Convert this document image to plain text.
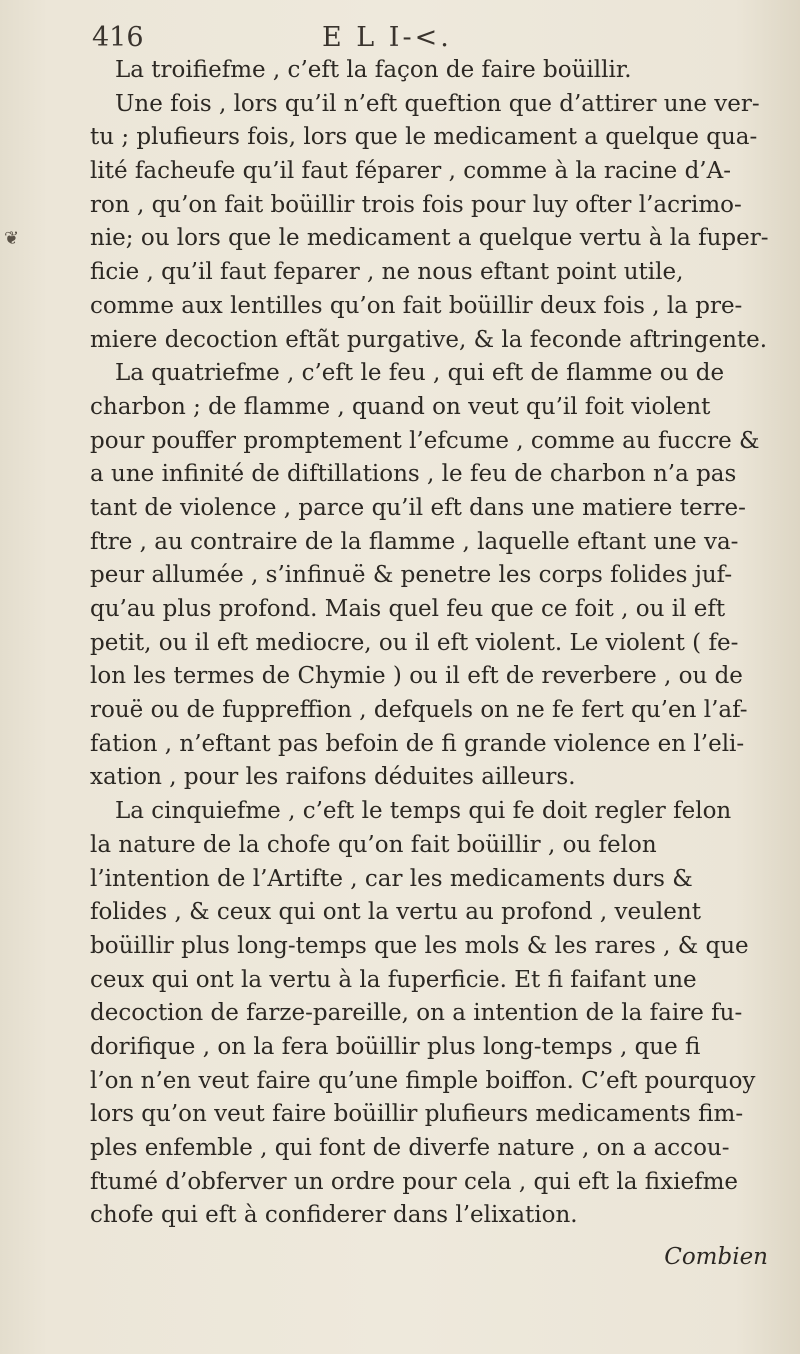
416	E L I-<.
❦
La troifiefme , c’eft la façon de faire boüillir.
Une fois , lors qu’il n’eft queftion que d’attirer une ver-
tu ; plufieurs fois, lors que le medicament a quelque qua-
lité facheufe qu’il faut féparer , comme à la racine d’A-
ron , qu’on fait boüillir trois fois pour luy ofter l’acrimo-
nie; ou lors que le medicament a quelque vertu à la fuper-
ficie , qu’il faut feparer , ne nous eftant point utile,
comme aux lentilles qu’on fait boüillir deux fois , la pre-
miere decoction eftãt purgative, & la feconde aftringente.
La quatriefme , c’eft le feu , qui eft de flamme ou de
charbon ; de flamme , quand on veut qu’il foit violent
pour pouffer promptement l’efcume , comme au fuccre &
a une infinité de diftillations , le feu de charbon n’a pas
tant de violence , parce qu’il eft dans une matiere terre-
ftre , au contraire de la flamme , laquelle eftant une va-
peur allumée , s’infinuë & penetre les corps folides juf-
qu’au plus profond. Mais quel feu que ce foit , ou il eft
petit, ou il eft mediocre, ou il eft violent. Le violent ( fe-
lon les termes de Chymie ) ou il eft de reverbere , ou de
rouë ou de fuppreffion , defquels on ne fe fert qu’en l’af-
fation , n’eftant pas befoin de fi grande violence en l’eli-
xation , pour les raifons déduites ailleurs.
La cinquiefme , c’eft le temps qui fe doit regler felon
la nature de la chofe qu’on fait boüillir , ou felon
l’intention de l’Artifte , car les medicaments durs &
folides , & ceux qui ont la vertu au profond , veulent
boüillir plus long-temps que les mols & les rares , & que
ceux qui ont la vertu à la fuperficie. Et fi faifant une
decoction de farze-pareille, on a intention de la faire fu-
dorifique , on la fera boüillir plus long-temps , que fi
l’on n’en veut faire qu’une fimple boiffon. C’eft pourquoy
lors qu’on veut faire boüillir plufieurs medicaments fim-
ples enfemble , qui font de diverfe nature , on a accou-
ftumé d’obferver un ordre pour cela , qui eft la fixiefme
chofe qui eft à confiderer dans l’elixation.
Combien
